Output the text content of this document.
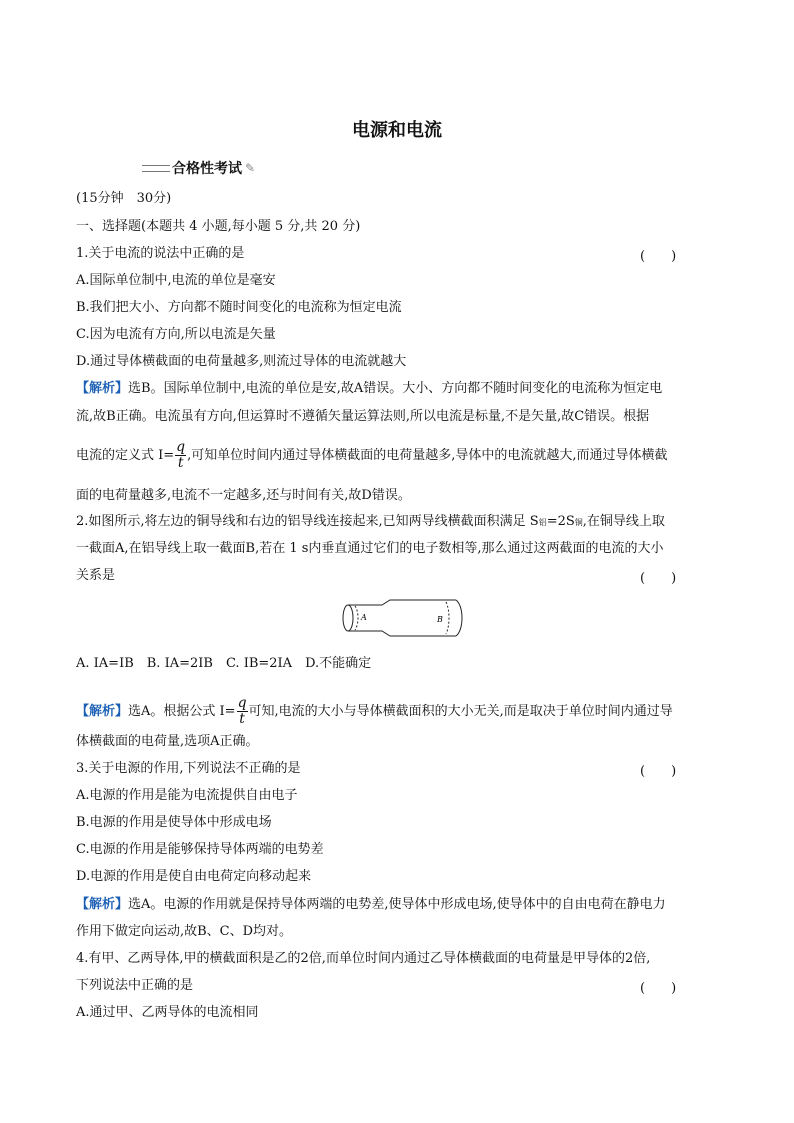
电源和电流
合格性考试 ✎
(15分钟　30分)
一、选择题(本题共 4 小题,每小题 5 分,共 20 分)
1.关于电流的说法中正确的是	(　　)
A.国际单位制中,电流的单位是毫安
B.我们把大小、方向都不随时间变化的电流称为恒定电流
C.因为电流有方向,所以电流是矢量
D.通过导体横截面的电荷量越多,则流过导体的电流就越大
【解析】选B。国际单位制中,电流的单位是安,故A错误。大小、方向都不随时间变化的电流称为恒定电
流,故B正确。电流虽有方向,但运算时不遵循矢量运算法则,所以电流是标量,不是矢量,故C错误。根据
电流的定义式 $I= \frac{q}{t}$ ,可知单位时间内通过导体横截面的电荷量越多,导体中的电流就越大,而通过导体横截
面的电荷量越多,电流不一定越多,还与时间有关,故D错误。
2.如图所示,将左边的铜导线和右边的铝导线连接起来,已知两导线横截面积满足 S铝=2S铜,在铜导线上取
一截面A,在铝导线上取一截面B,若在 1 s内垂直通过它们的电子数相等,那么通过这两截面的电流的大小
关系是	(　　)
A	B
A. IA=IB　B. IA=2IB　C. IB=2IA　D.不能确定
【解析】选A。根据公式 $I= \frac{q}{t}$ 可知,电流的大小与导体横截面积的大小无关,而是取决于单位时间内通过导
体横截面的电荷量,选项A正确。
3.关于电源的作用,下列说法不正确的是	(　　)
A.电源的作用是能为电流提供自由电子
B.电源的作用是使导体中形成电场
C.电源的作用是能够保持导体两端的电势差
D.电源的作用是使自由电荷定向移动起来
【解析】选A。电源的作用就是保持导体两端的电势差,使导体中形成电场,使导体中的自由电荷在静电力
作用下做定向运动,故B、C、D均对。
4.有甲、乙两导体,甲的横截面积是乙的2倍,而单位时间内通过乙导体横截面的电荷量是甲导体的2倍,
下列说法中正确的是	(　　)
A.通过甲、乙两导体的电流相同
